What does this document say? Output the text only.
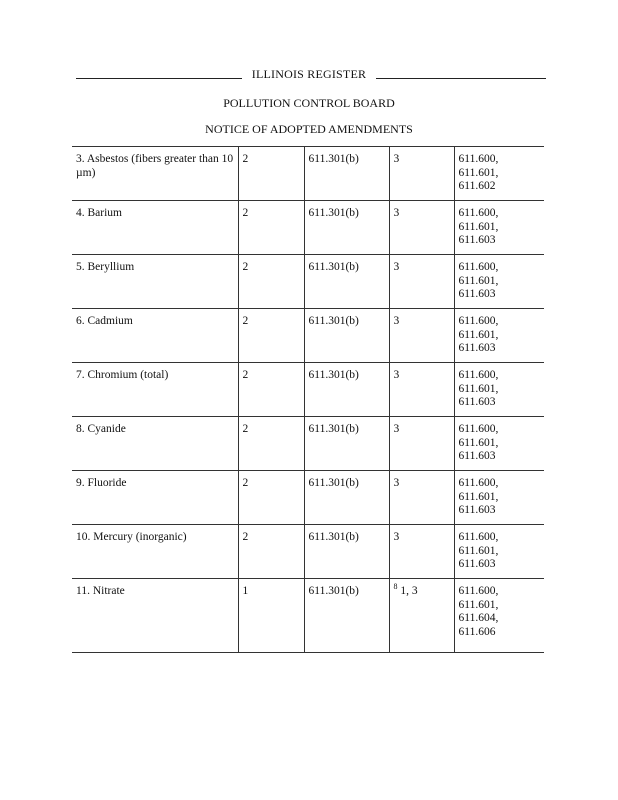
ILLINOIS REGISTER
POLLUTION CONTROL BOARD
NOTICE OF ADOPTED AMENDMENTS
3. Asbestos (fibers greater than 10 µm)	2	611.301(b)	3	611.600,
611.601,
611.602

4. Barium	2	611.301(b)	3	611.600,
611.601,
611.603

5. Beryllium	2	611.301(b)	3	611.600,
611.601,
611.603

6. Cadmium	2	611.301(b)	3	611.600,
611.601,
611.603

7. Chromium (total)	2	611.301(b)	3	611.600,
611.601,
611.603

8. Cyanide	2	611.301(b)	3	611.600,
611.601,
611.603

9. Fluoride	2	611.301(b)	3	611.600,
611.601,
611.603

10. Mercury (inorganic)	2	611.301(b)	3	611.600,
611.601,
611.603

11. Nitrate	1	611.301(b)	$^8$ 1, 3	611.600,
611.601,
611.604,
611.606
